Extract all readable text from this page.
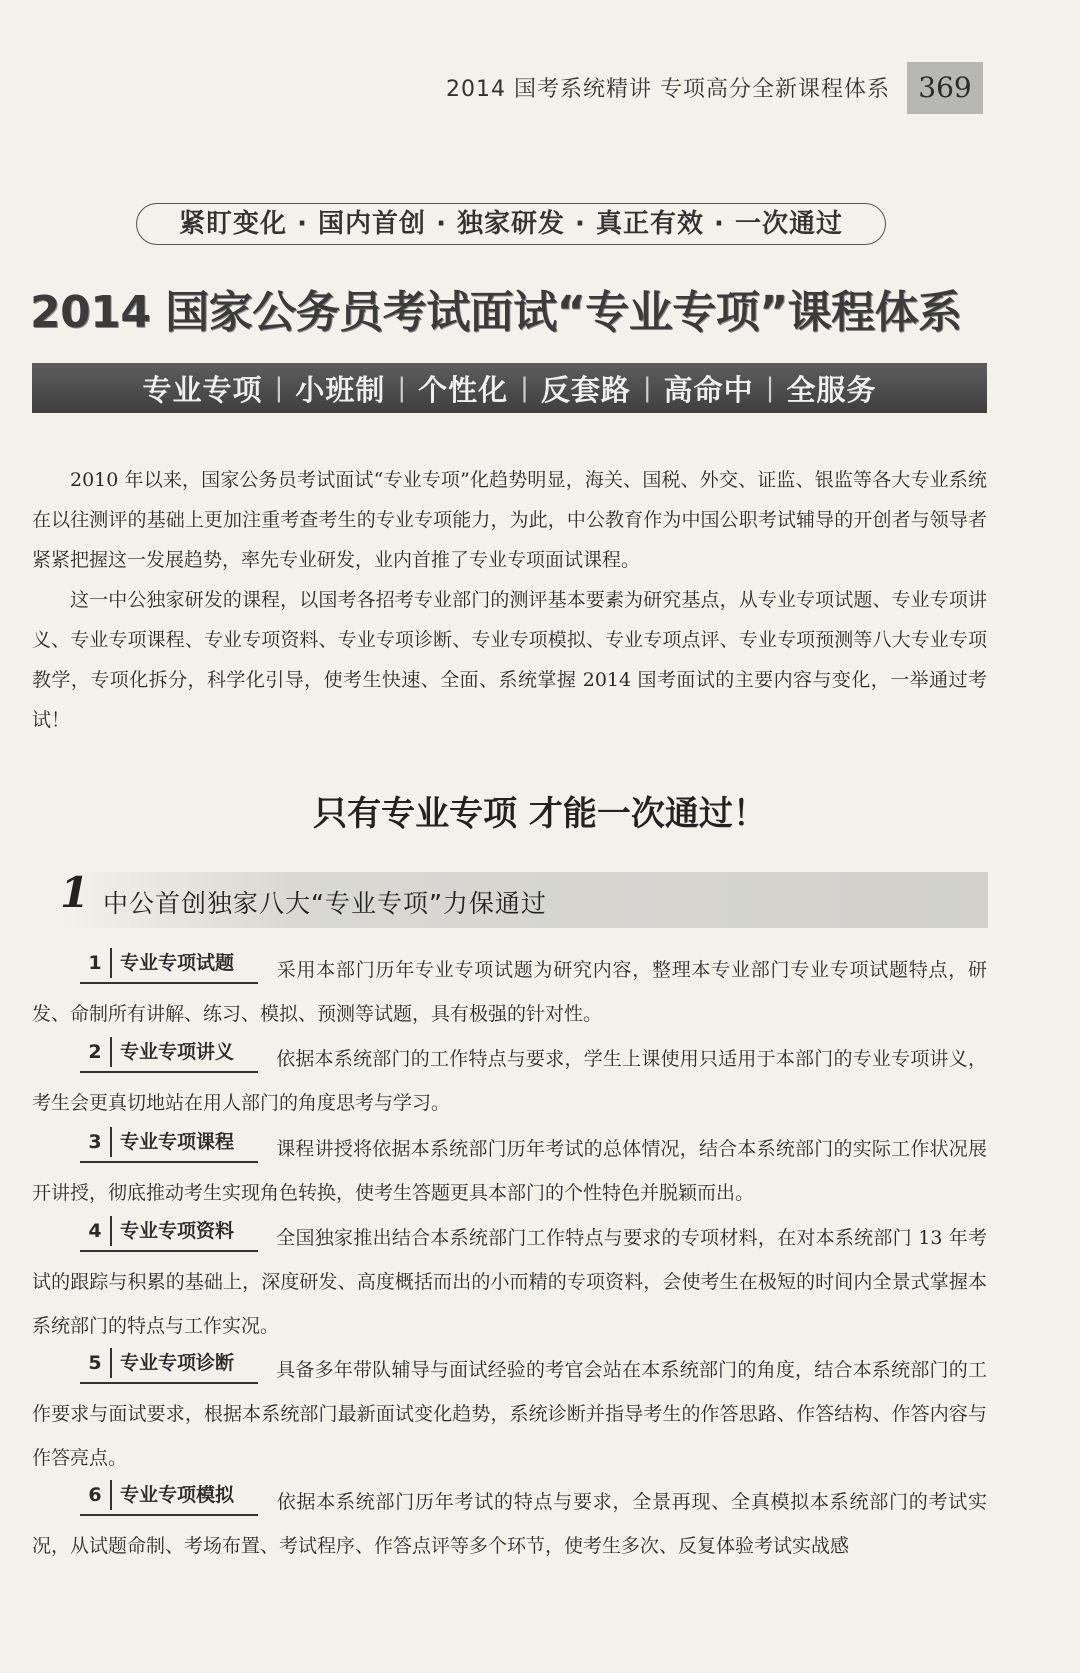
2014 国考系统精讲 专项高分全新课程体系	369
紧盯变化 · 国内首创 · 独家研发 · 真正有效 · 一次通过
2014 国家公务员考试面试“专业专项”课程体系
专业专项 | 小班制 | 个性化 | 反套路 | 高命中 | 全服务

2010 年以来，国家公务员考试面试“专业专项”化趋势明显，海关、国税、外交、证监、银监等各大专业系统在以往测评的基础上更加注重考查考生的专业专项能力，为此，中公教育作为中国公职考试辅导的开创者与领导者紧紧把握这一发展趋势，率先专业研发，业内首推了专业专项面试课程。

这一中公独家研发的课程，以国考各招考专业部门的测评基本要素为研究基点，从专业专项试题、专业专项讲义、专业专项课程、专业专项资料、专业专项诊断、专业专项模拟、专业专项点评、专业专项预测等八大专业专项教学，专项化拆分，科学化引导，使考生快速、全面、系统掌握 2014 国考面试的主要内容与变化，一举通过考试！

只有专业专项 才能一次通过！
1 中公首创独家八大“专业专项”力保通过
1 专业专项试题 采用本部门历年专业专项试题为研究内容，整理本专业部门专业专项试题特点，研发、命制所有讲解、练习、模拟、预测等试题，具有极强的针对性。
2 专业专项讲义 依据本系统部门的工作特点与要求，学生上课使用只适用于本部门的专业专项讲义，考生会更真切地站在用人部门的角度思考与学习。
3 专业专项课程 课程讲授将依据本系统部门历年考试的总体情况，结合本系统部门的实际工作状况展开讲授，彻底推动考生实现角色转换，使考生答题更具本部门的个性特色并脱颖而出。
4 专业专项资料 全国独家推出结合本系统部门工作特点与要求的专项材料，在对本系统部门 13 年考试的跟踪与积累的基础上，深度研发、高度概括而出的小而精的专项资料，会使考生在极短的时间内全景式掌握本系统部门的特点与工作实况。
5 专业专项诊断 具备多年带队辅导与面试经验的考官会站在本系统部门的角度，结合本系统部门的工作要求与面试要求，根据本系统部门最新面试变化趋势，系统诊断并指导考生的作答思路、作答结构、作答内容与作答亮点。
6 专业专项模拟 依据本系统部门历年考试的特点与要求，全景再现、全真模拟本系统部门的考试实况，从试题命制、考场布置、考试程序、作答点评等多个环节，使考生多次、反复体验考试实战感
